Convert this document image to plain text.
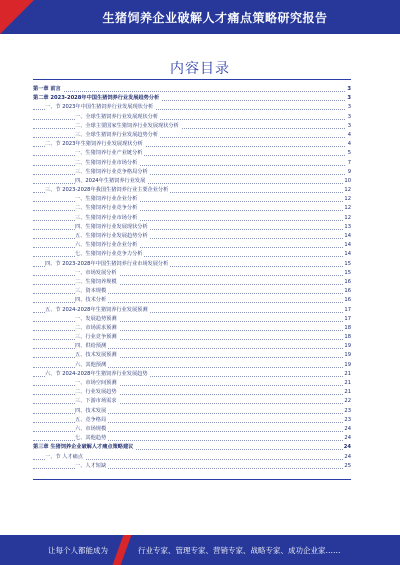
生猪饲养企业破解人才痛点策略研究报告
内容目录
第一章 前言	3
第二章 2023-2028年中国生猪饲养行业发展趋势分析	3
一、节 2023年中国生猪饲养行业发展现状分析	3
一、全球生猪饲养行业发展现状分析	3
二、全球主要国家生猪饲养行业发展现状分析	3
三、全球生猪饲养行业发展趋势分析	4
二、节 2023年生猪饲养行业发展现状分析	4
一、生猪饲养行业产业链分析	5
二、生猪饲养行业市场分析	7
三、生猪饲养行业竞争格局分析	9
四、2024年生猪饲养行业发展	10
三、节 2023-2028年我国生猪饲养行业主要企业分析	12
一、生猪饲养行业企业分析	12
二、生猪饲养行业竞争分析	12
三、生猪饲养行业市场分析	12
四、生猪饲养行业发展现状分析	13
五、生猪饲养行业发展趋势分析	14
六、生猪饲养行业企业分析	14
七、生猪饲养行业竞争力分析	14
四、节 2023-2028年中国生猪饲养行业市场发展分析	15
一、市场发展分析	15
二、生猪饲养规模	16
三、资本规模	16
四、技术分析	16
五、节 2024-2028年生猪饲养行业发展预测	17
一、发展趋势预测	17
二、市场需求预测	18
三、行业竞争预测	18
四、供给预测	19
五、技术发展预测	19
六、其他预测	19
六、节 2024-2028年生猪饲养行业发展趋势	21
一、市场空间预测	21
二、行业发展趋势	21
三、下游市场需求	22
四、技术发展	23
五、竞争格局	23
六、市场规模	24
七、其他趋势	24
第三章 生猪饲养企业破解人才痛点策略建议	24
一、节 人才痛点	24
一、人才短缺	25
让每个人都能成为	行业专家、管理专家、营销专家、战略专家、成功企业家……
